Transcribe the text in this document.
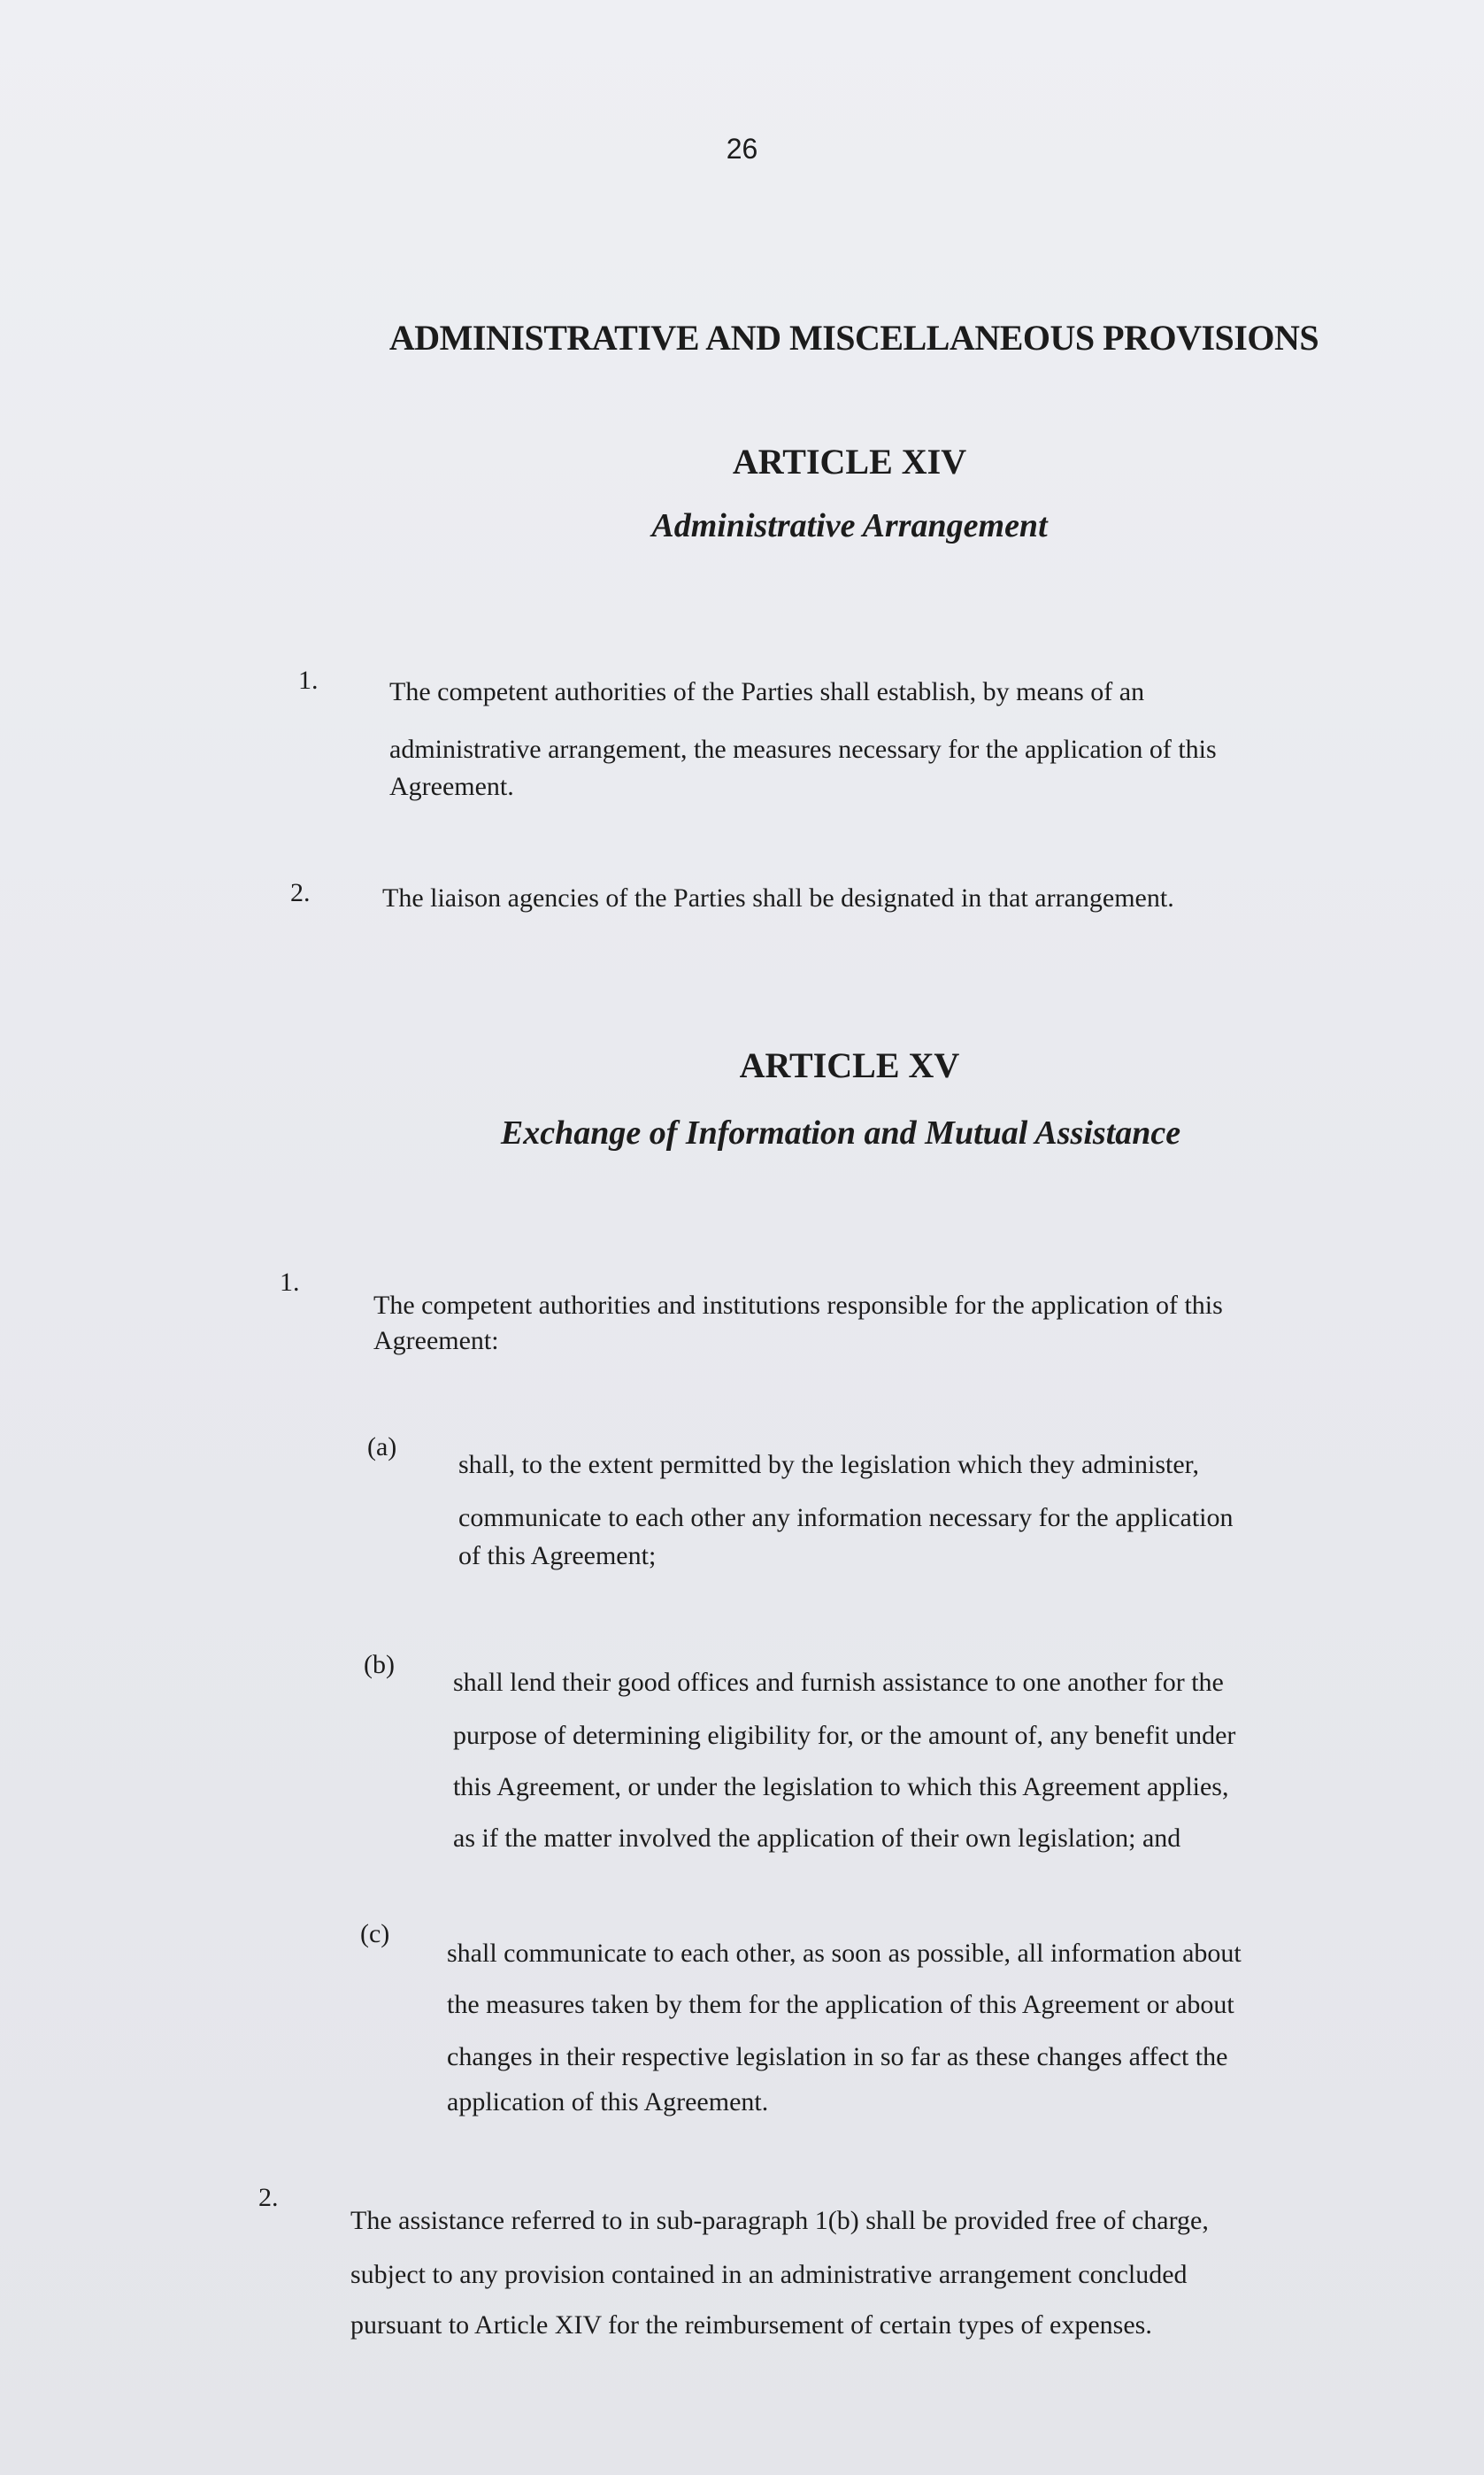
26
ADMINISTRATIVE AND MISCELLANEOUS PROVISIONS
ARTICLE XIV
Administrative Arrangement
1.	The competent authorities of the Parties shall establish, by means of an
administrative arrangement, the measures necessary for the application of this
Agreement.
2.	The liaison agencies of the Parties shall be designated in that arrangement.
ARTICLE XV
Exchange of Information and Mutual Assistance
1.
The competent authorities and institutions responsible for the application of this
Agreement:
(a)
shall, to the extent permitted by the legislation which they administer,
communicate to each other any information necessary for the application
of this Agreement;
(b)
shall lend their good offices and furnish assistance to one another for the
purpose of determining eligibility for, or the amount of, any benefit under
this Agreement, or under the legislation to which this Agreement applies,
as if the matter involved the application of their own legislation; and
(c)
shall communicate to each other, as soon as possible, all information about
the measures taken by them for the application of this Agreement or about
changes in their respective legislation in so far as these changes affect the
application of this Agreement.
2.
The assistance referred to in sub-paragraph 1(b) shall be provided free of charge,
subject to any provision contained in an administrative arrangement concluded
pursuant to Article XIV for the reimbursement of certain types of expenses.
